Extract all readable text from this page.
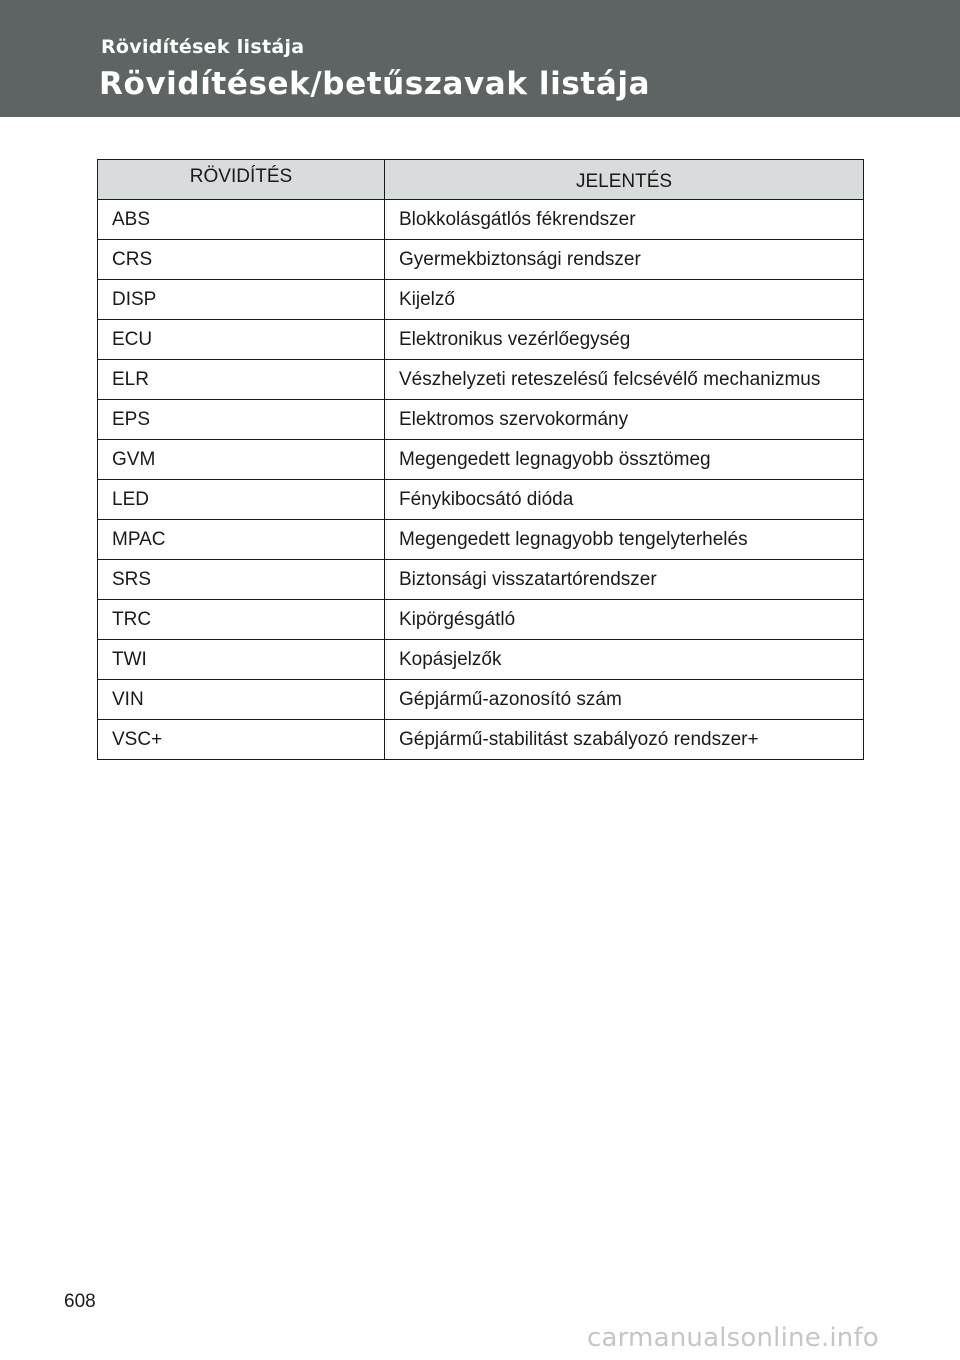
Rövidítések listája
Rövidítések/betűszavak listája
RÖVIDÍTÉS	JELENTÉS
ABS	Blokkolásgátlós fékrendszer
CRS	Gyermekbiztonsági rendszer
DISP	Kijelző
ECU	Elektronikus vezérlőegység
ELR	Vészhelyzeti reteszelésű felcsévélő mechanizmus
EPS	Elektromos szervokormány
GVM	Megengedett legnagyobb össztömeg
LED	Fénykibocsátó dióda
MPAC	Megengedett legnagyobb tengelyterhelés
SRS	Biztonsági visszatartórendszer
TRC	Kipörgésgátló
TWI	Kopásjelzők
VIN	Gépjármű-azonosító szám
VSC+	Gépjármű-stabilitást szabályozó rendszer+
608
carmanualsonline.info
